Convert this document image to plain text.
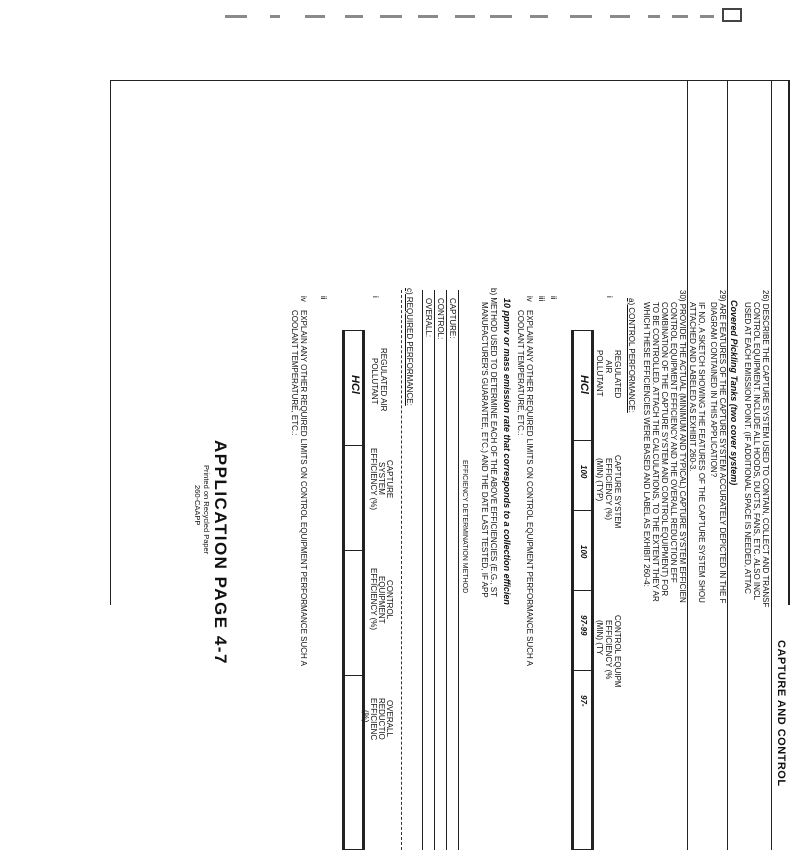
CAPTURE AND CONTROL
26) DESCRIBE THE CAPTURE SYSTEM USED TO CONTAIN, COLLECT AND TRANSF
CONTROL EQUIPMENT. INCLUDE ALL HOODS, DUCTS, FANS, ETC. ALSO INCL
USED AT EACH EMISSION POINT. (IF ADDITIONAL SPACE IS NEEDED, ATTAC
Covered Pickling Tanks (two cover system)
29) ARE FEATURES OF THE CAPTURE SYSTEM ACCURATELY DEPICTED IN THE F
DIAGRAM CONTAINED IN THIS APPLICATION?
IF NO, A SKETCH SHOWING THE FEATURES OF THE CAPTURE SYSTEM SHOU
ATTACHED AND LABELED AS EXHIBIT 260-3.
30) PROVIDE THE ACTUAL (MINIMUM AND TYPICAL) CAPTURE SYSTEM EFFICIEN
CONTROL EQUIPMENT EFFICIENCY AND THE OVERALL REDUCTION EFF
COMBINATION OF THE CAPTURE SYSTEM AND CONTROL EQUIPMENT) FOR
TO BE CONTROLLED. ATTACH THE CALCULATIONS, TO THE EXTENT THEY AR
WHICH THESE EFFICIENCIES WERE BASED AND LABEL AS EXHIBIT 260-4:
a) CONTROL PERFORMANCE:
i
REGULATED
AIR
POLLUTANT
CAPTURE SYSTEM
EFFICIENCY (%)
(MIN) (TYP)
CONTROL EQUIPM
EFFICIENCY (%
(MIN) (TY
HCl
100
100
97-99
97-
ii
iii
iv
EXPLAIN ANY OTHER REQUIRED LIMITS ON CONTROL EQUIPMENT PERFORMANCE SUCH A
COOLANT TEMPERATURE, ETC.:
10 ppmv or mass emission rate that corresponds to a collection efficien
b) METHOD USED TO DETERMINE EACH OF THE ABOVE EFFICIENCIES (E.G., ST
MANUFACTURER'S GUARANTEE, ETC.) AND THE DATE LAST TESTED, IF APP
EFFICIENCY DETERMINATION METHOD
CAPTURE:
CONTROL:
OVERALL:
c) REQUIRED PERFORMANCE:
i
REGULATED AIR
POLLUTANT
CAPTURE
SYSTEM
EFFICIENCY (%)
CONTROL
EQUIPMENT
EFFICIENCY (%)
OVERALL
REDUCTIO
EFFICIENC
(%)
HCl
ii
iv
EXPLAIN ANY OTHER REQUIRED LIMITS ON CONTROL EQUIPMENT PERFORMANCE SUCH A
COOLANT TEMPERATURE, ETC.:
APPLICATION PAGE 4-7
Printed on Recycled Paper
260-CAAPP
